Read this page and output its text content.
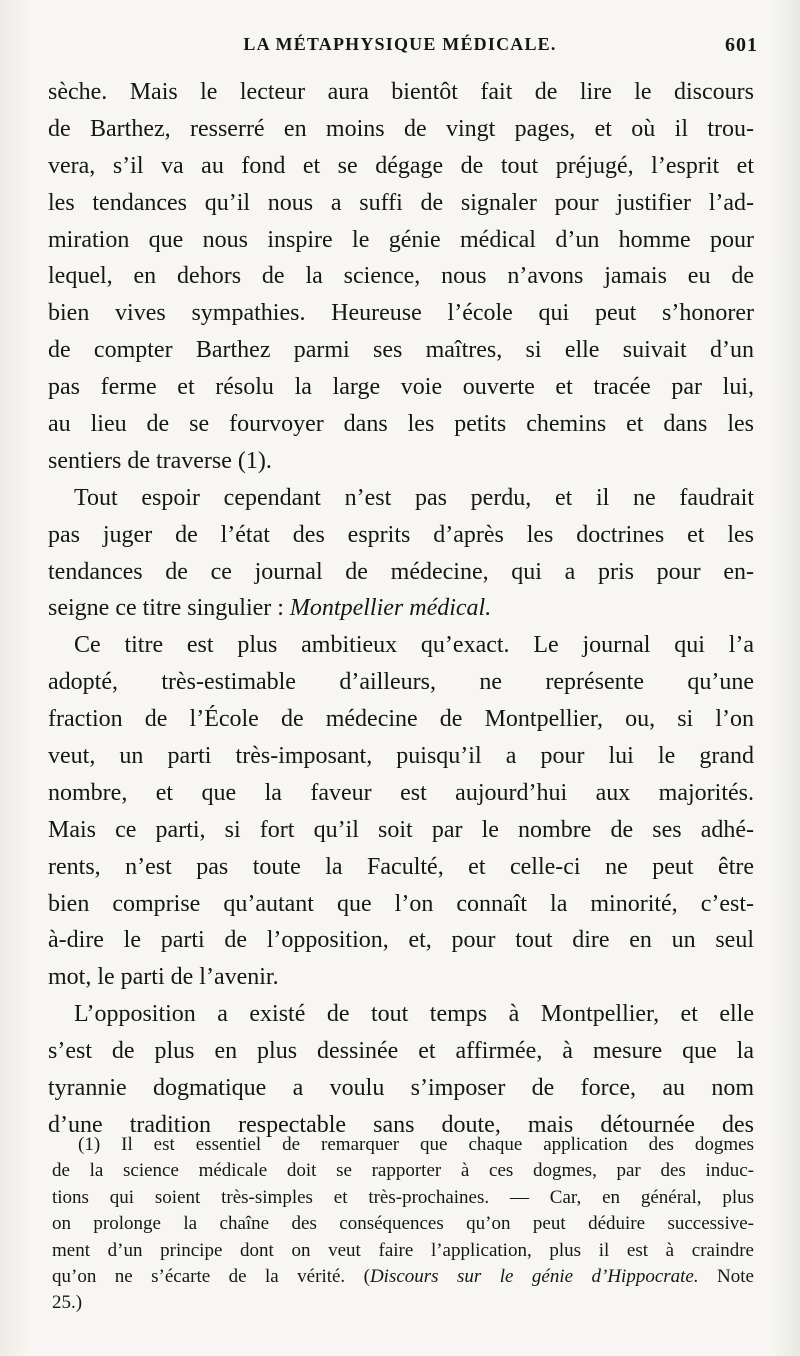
LA MÉTAPHYSIQUE MÉDICALE.	601
sèche. Mais le lecteur aura bientôt fait de lire le discours
de Barthez, resserré en moins de vingt pages, et où il trou-
vera, s’il va au fond et se dégage de tout préjugé, l’esprit et
les tendances qu’il nous a suffi de signaler pour justifier l’ad-
miration que nous inspire le génie médical d’un homme pour
lequel, en dehors de la science, nous n’avons jamais eu de
bien vives sympathies. Heureuse l’école qui peut s’honorer
de compter Barthez parmi ses maîtres, si elle suivait d’un
pas ferme et résolu la large voie ouverte et tracée par lui,
au lieu de se fourvoyer dans les petits chemins et dans les
sentiers de traverse (1).
Tout espoir cependant n’est pas perdu, et il ne faudrait
pas juger de l’état des esprits d’après les doctrines et les
tendances de ce journal de médecine, qui a pris pour en-
seigne ce titre singulier : Montpellier médical.
Ce titre est plus ambitieux qu’exact. Le journal qui l’a
adopté, très-estimable d’ailleurs, ne représente qu’une
fraction de l’École de médecine de Montpellier, ou, si l’on
veut, un parti très-imposant, puisqu’il a pour lui le grand
nombre, et que la faveur est aujourd’hui aux majorités.
Mais ce parti, si fort qu’il soit par le nombre de ses adhé-
rents, n’est pas toute la Faculté, et celle-ci ne peut être
bien comprise qu’autant que l’on connaît la minorité, c’est-
à-dire le parti de l’opposition, et, pour tout dire en un seul
mot, le parti de l’avenir.
L’opposition a existé de tout temps à Montpellier, et elle
s’est de plus en plus dessinée et affirmée, à mesure que la
tyrannie dogmatique a voulu s’imposer de force, au nom
d’une tradition respectable sans doute, mais détournée des
(1) Il est essentiel de remarquer que chaque application des dogmes
de la science médicale doit se rapporter à ces dogmes, par des induc-
tions qui soient très-simples et très-prochaines. — Car, en général, plus
on prolonge la chaîne des conséquences qu’on peut déduire successive-
ment d’un principe dont on veut faire l’application, plus il est à craindre
qu’on ne s’écarte de la vérité. (Discours sur le génie d’Hippocrate. Note
25.)
